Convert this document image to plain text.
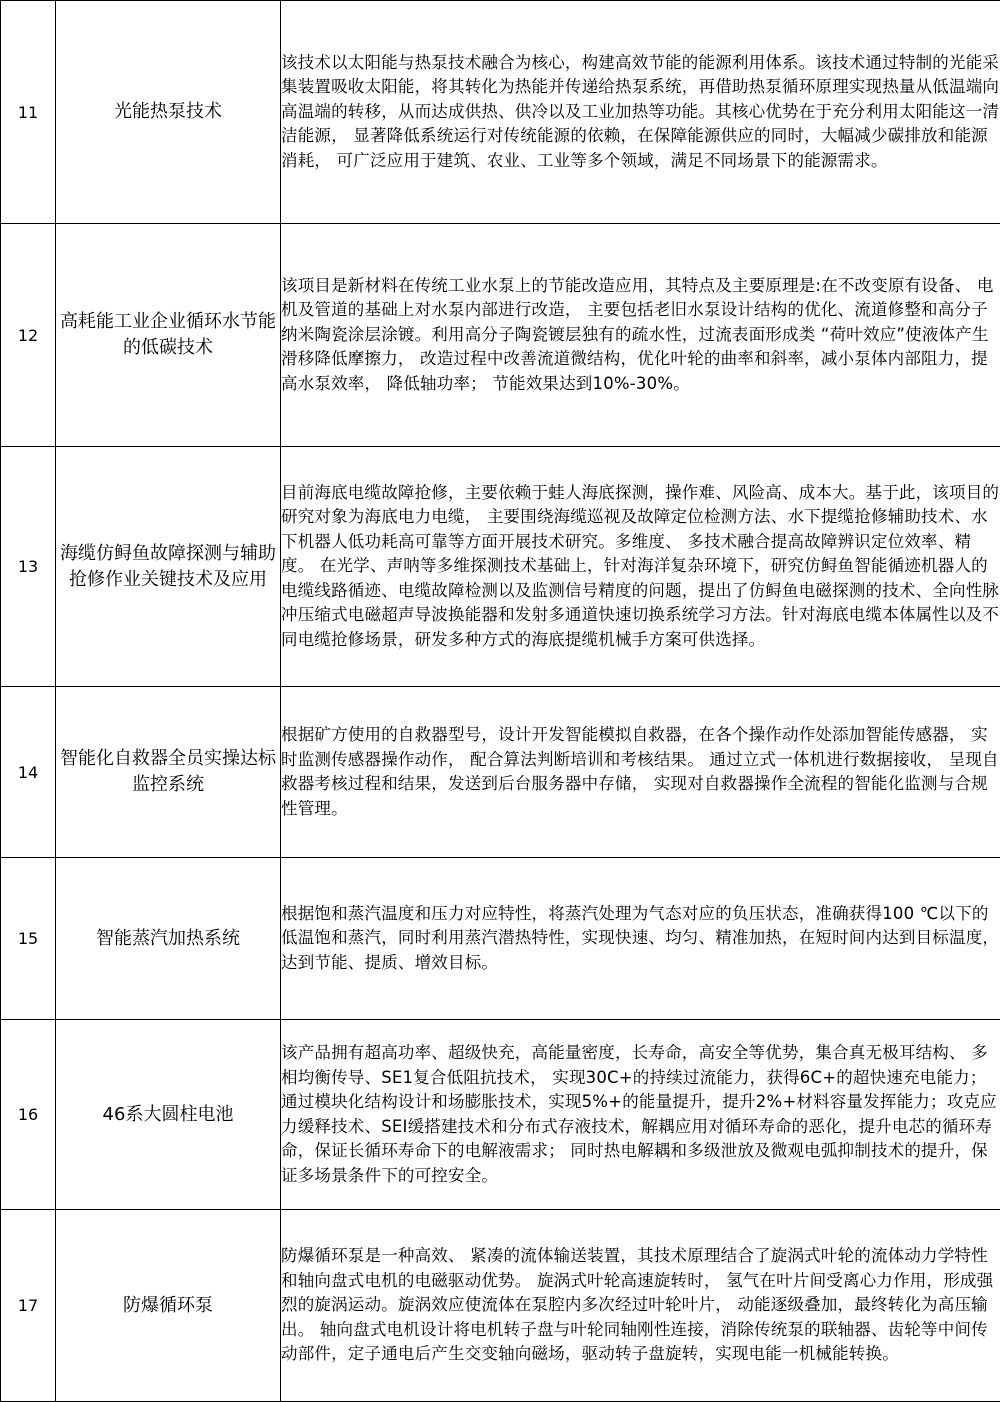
11	光能热泵技术	该技术以太阳能与热泵技术融合为核心，构建高效节能的能源利用体系。该技术通过特制的光能采集装置吸收太阳能，将其转化为热能并传递给热泵系统，再借助热泵循环原理实现热量从低温端向高温端的转移，从而达成供热、供冷以及工业加热等功能。其核心优势在于充分利用太阳能这一清洁能源， 显著降低系统运行对传统能源的依赖，在保障能源供应的同时，大幅减少碳排放和能源消耗， 可广泛应用于建筑、农业、工业等多个领域，满足不同场景下的能源需求。
12	高耗能工业企业循环水节能的低碳技术	该项目是新材料在传统工业水泵上的节能改造应用，其特点及主要原理是:在不改变原有设备、 电机及管道的基础上对水泵内部进行改造， 主要包括老旧水泵设计结构的优化、流道修整和高分子纳米陶瓷涂层涂镀。利用高分子陶瓷镀层独有的疏水性，过流表面形成类 “荷叶效应”使液体产生滑移降低摩擦力， 改造过程中改善流道微结构，优化叶轮的曲率和斜率，减小泵体内部阻力，提高水泵效率， 降低轴功率； 节能效果达到10%-30%。
13	海缆仿鲟鱼故障探测与辅助抢修作业关键技术及应用	目前海底电缆故障抢修，主要依赖于蛙人海底探测，操作难、风险高、成本大。基于此，该项目的研究对象为海底电力电缆， 主要围绕海缆巡视及故障定位检测方法、水下提缆抢修辅助技术、水下机器人低功耗高可靠等方面开展技术研究。多维度、 多技术融合提高故障辨识定位效率、精度。 在光学、声呐等多维探测技术基础上，针对海洋复杂环境下，研究仿鲟鱼智能循迹机器人的电缆线路循迹、电缆故障检测以及监测信号精度的问题，提出了仿鲟鱼电磁探测的技术、全向性脉冲压缩式电磁超声导波换能器和发射多通道快速切换系统学习方法。针对海底电缆本体属性以及不同电缆抢修场景，研发多种方式的海底提缆机械手方案可供选择。
14	智能化自救器全员实操达标监控系统	根据矿方使用的自救器型号，设计开发智能模拟自救器，在各个操作动作处添加智能传感器， 实时监测传感器操作动作， 配合算法判断培训和考核结果。 通过立式一体机进行数据接收， 呈现自救器考核过程和结果，发送到后台服务器中存储， 实现对自救器操作全流程的智能化监测与合规性管理。
15	智能蒸汽加热系统	根据饱和蒸汽温度和压力对应特性，将蒸汽处理为气态对应的负压状态，准确获得100 ℃以下的低温饱和蒸汽，同时利用蒸汽潜热特性，实现快速、均匀、精准加热，在短时间内达到目标温度，达到节能、提质、增效目标。
16	46系大圆柱电池	该产品拥有超高功率、超级快充，高能量密度，长寿命，高安全等优势，集合真无极耳结构、 多相均衡传导、SE1复合低阻抗技术， 实现30C+的持续过流能力，获得6C+的超快速充电能力；通过模块化结构设计和场膨胀技术，实现5%+的能量提升，提升2%+材料容量发挥能力；攻克应力缓释技术、SEI缓搭建技术和分布式存液技术，解耦应用对循环寿命的恶化，提升电芯的循环寿命，保证长循环寿命下的电解液需求； 同时热电解耦和多级泄放及微观电弧抑制技术的提升，保证多场景条件下的可控安全。
17	防爆循环泵	防爆循环泵是一种高效、 紧凑的流体输送装置，其技术原理结合了旋涡式叶轮的流体动力学特性和轴向盘式电机的电磁驱动优势。 旋涡式叶轮高速旋转时， 氢气在叶片间受离心力作用，形成强烈的旋涡运动。旋涡效应使流体在泵腔内多次经过叶轮叶片， 动能逐级叠加，最终转化为高压输出。 轴向盘式电机设计将电机转子盘与叶轮同轴刚性连接，消除传统泵的联轴器、齿轮等中间传动部件，定子通电后产生交变轴向磁场，驱动转子盘旋转，实现电能一机械能转换。
